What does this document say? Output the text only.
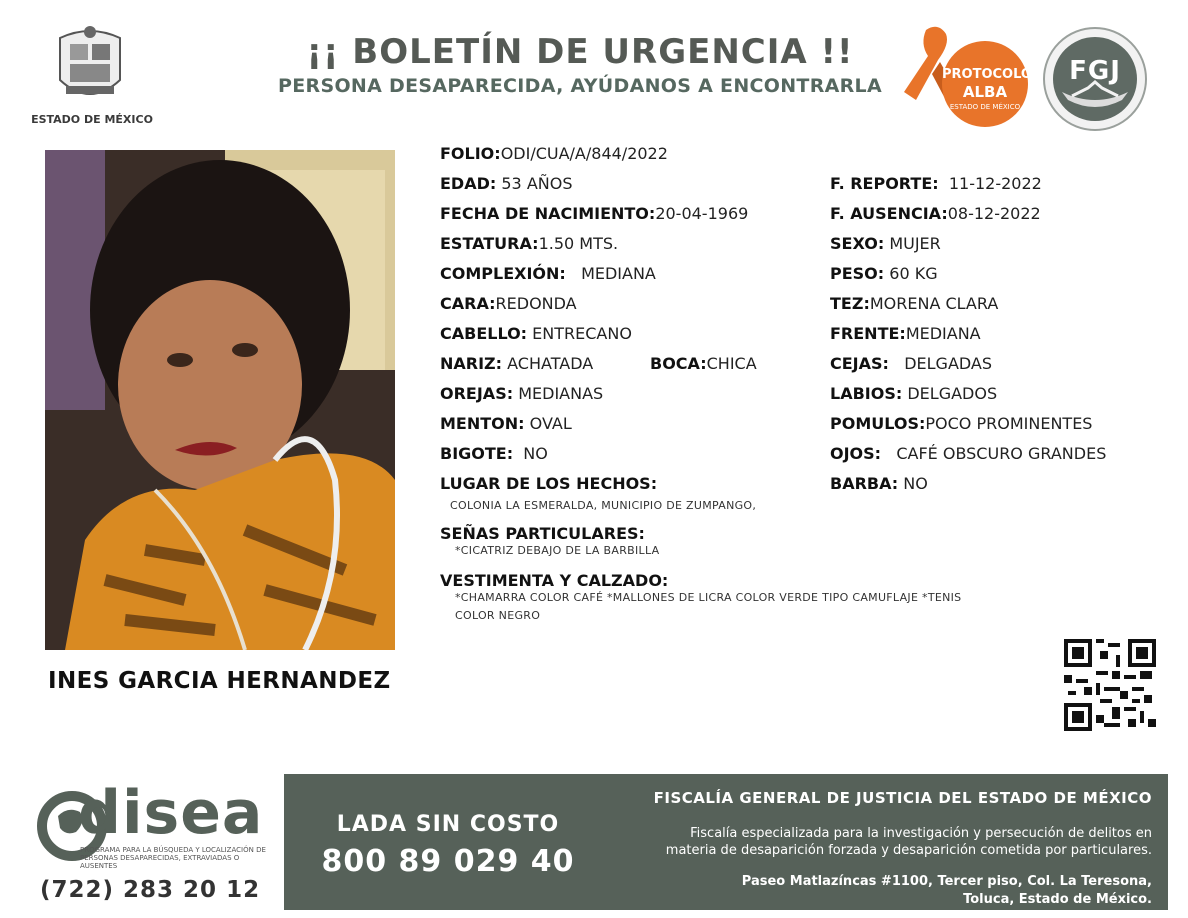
ESTADO DE MÉXICO
¡¡ BOLETÍN DE URGENCIA !!
PERSONA DESAPARECIDA, AYÚDANOS A ENCONTRARLA
PROTOCOLO
ALBA
ESTADO DE MÉXICO
FGJ
INES GARCIA HERNANDEZ
FOLIO:ODI/CUA/A/844/2022
EDAD: 53 AÑOS
FECHA DE NACIMIENTO:20-04-1969
ESTATURA:1.50 MTS.
COMPLEXIÓN: MEDIANA
CARA:REDONDA
CABELLO: ENTRECANO
NARIZ: ACHATADA	BOCA:CHICA
OREJAS: MEDIANAS
MENTON: OVAL
BIGOTE: NO
F. REPORTE: 11-12-2022
F. AUSENCIA:08-12-2022
SEXO: MUJER
PESO: 60 KG
TEZ:MORENA CLARA
FRENTE:MEDIANA
CEJAS: DELGADAS
LABIOS: DELGADOS
POMULOS:POCO PROMINENTES
OJOS: CAFÉ OBSCURO GRANDES
BARBA: NO
LUGAR DE LOS HECHOS:
COLONIA LA ESMERALDA, MUNICIPIO DE ZUMPANGO,
SEÑAS PARTICULARES:
*CICATRIZ DEBAJO DE LA BARBILLA
VESTIMENTA Y CALZADO:
*CHAMARRA COLOR CAFÉ *MALLONES DE LICRA COLOR VERDE TIPO CAMUFLAJE *TENIS
COLOR NEGRO
disea
PROGRAMA PARA LA BÚSQUEDA Y LOCALIZACIÓN DE PERSONAS DESAPARECIDAS, EXTRAVIADAS O AUSENTES
(722) 283 20 12
LADA SIN COSTO
800 89 029 40
FISCALÍA GENERAL DE JUSTICIA DEL ESTADO DE MÉXICO
Fiscalía especializada para la investigación y persecución de delitos en
materia de desaparición forzada y desaparición cometida por particulares.
Paseo Matlazíncas #1100, Tercer piso, Col. La Teresona,
Toluca, Estado de México.
